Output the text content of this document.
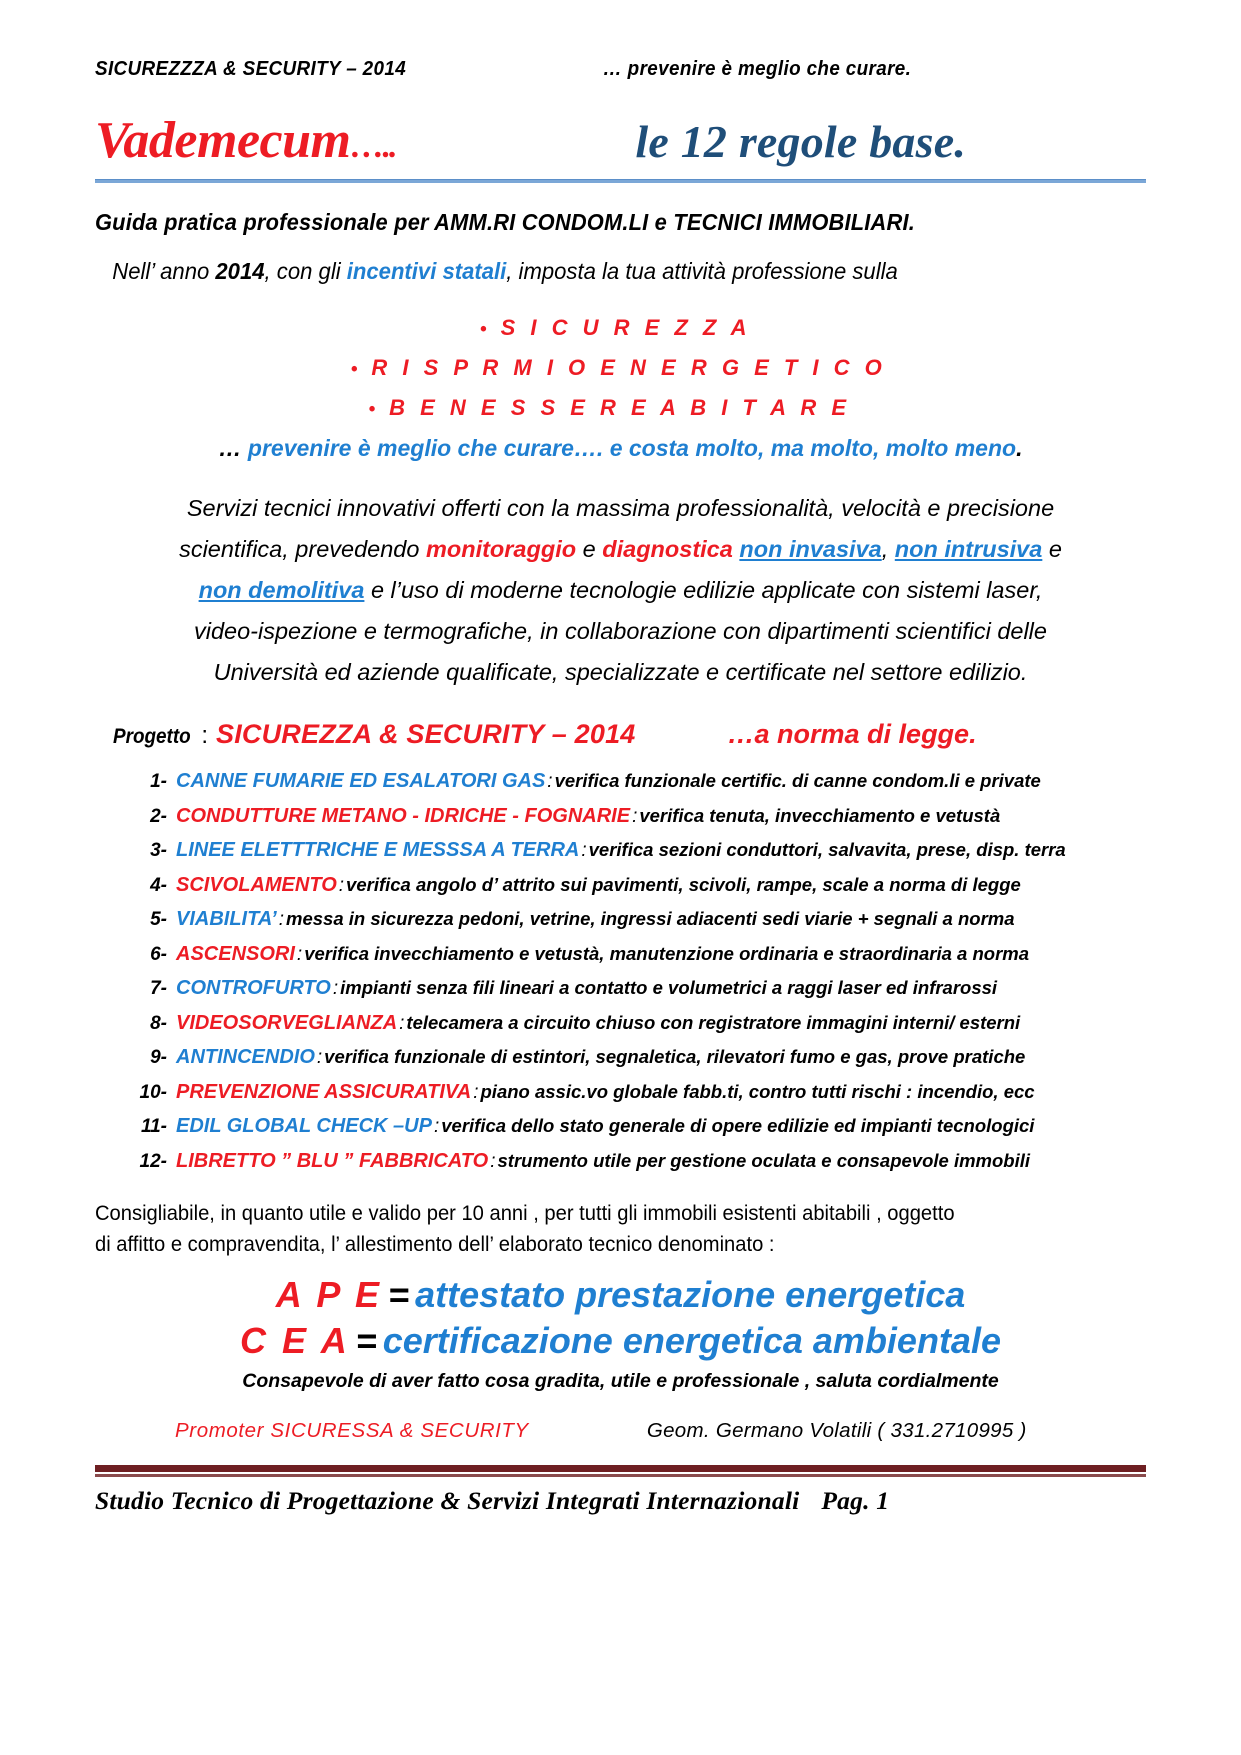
SICUREZZZA & SECURITY – 2014	… prevenire è meglio che curare.
Vademecum…..	le 12 regole base.
Guida pratica professionale per AMM.RI CONDOM.LI e TECNICI IMMOBILIARI.
Nell’ anno 2014, con gli incentivi statali, imposta la tua attività professione sulla
• S I C U R E Z Z A
• R I S P R M I O E N E R G E T I C O
• B E N E S S E R E A B I T A R E
… prevenire è meglio che curare…. e costa molto, ma molto, molto meno.
Servizi tecnici innovativi offerti con la massima professionalità, velocità e precisione
scientifica, prevedendo monitoraggio e diagnostica non invasiva, non intrusiva e
non demolitiva e l’uso di moderne tecnologie edilizie applicate con sistemi laser,
video-ispezione e termografiche, in collaborazione con dipartimenti scientifici delle
Università ed aziende qualificate, specializzate e certificate nel settore edilizio.
Progetto : SICUREZZA & SECURITY – 2014	…a norma di legge.
1- CANNE FUMARIE ED ESALATORI GAS : verifica funzionale certific. di canne condom.li e private
2- CONDUTTURE METANO - IDRICHE - FOGNARIE : verifica tenuta, invecchiamento e vetustà
3- LINEE ELETTTRICHE E MESSSA A TERRA : verifica sezioni conduttori, salvavita, prese, disp. terra
4- SCIVOLAMENTO : verifica angolo d’ attrito sui pavimenti, scivoli, rampe, scale a norma di legge
5- VIABILITA’ : messa in sicurezza pedoni, vetrine, ingressi adiacenti sedi viarie + segnali a norma
6- ASCENSORI : verifica invecchiamento e vetustà, manutenzione ordinaria e straordinaria a norma
7- CONTROFURTO : impianti senza fili lineari a contatto e volumetrici a raggi laser ed infrarossi
8- VIDEOSORVEGLIANZA : telecamera a circuito chiuso con registratore immagini interni/ esterni
9- ANTINCENDIO : verifica funzionale di estintori, segnaletica, rilevatori fumo e gas, prove pratiche
10- PREVENZIONE ASSICURATIVA : piano assic.vo globale fabb.ti, contro tutti rischi : incendio, ecc
11- EDIL GLOBAL CHECK –UP : verifica dello stato generale di opere edilizie ed impianti tecnologici
12- LIBRETTO ” BLU ” FABBRICATO : strumento utile per gestione oculata e consapevole immobili
Consigliabile, in quanto utile e valido per 10 anni , per tutti gli immobili esistenti abitabili , oggetto
di affitto e compravendita, l’ allestimento dell’ elaborato tecnico denominato :
A P E = attestato prestazione energetica
C E A = certificazione energetica ambientale
Consapevole di aver fatto cosa gradita, utile e professionale , saluta cordialmente
Promoter SICURESSA & SECURITY	Geom. Germano Volatili ( 331.2710995 )
Studio Tecnico di Progettazione & Servizi Integrati Internazionali Pag. 1
